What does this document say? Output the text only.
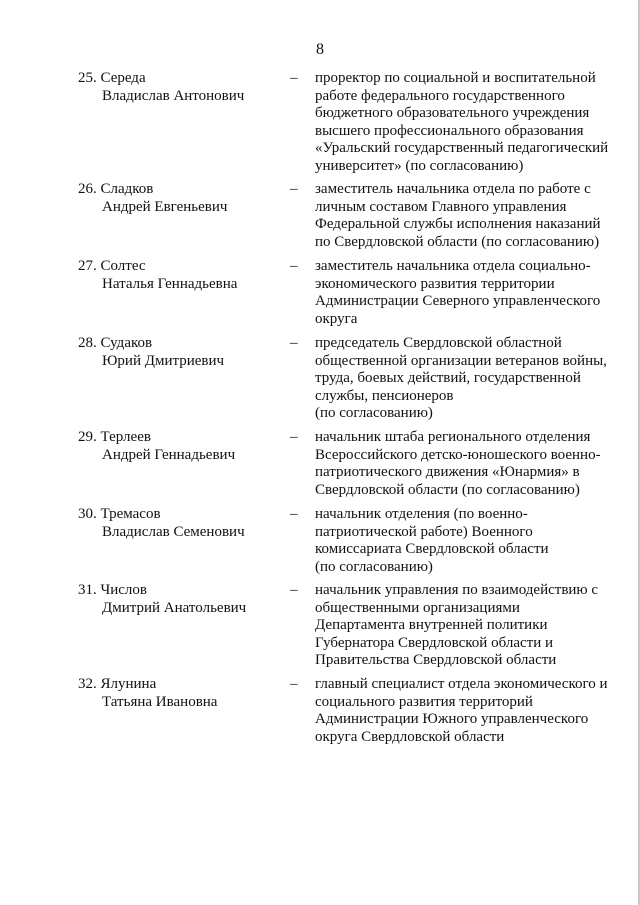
8
25. Середа
Владислав Антонович
– проректор по социальной и воспитательной
работе федерального государственного
бюджетного образовательного учреждения
высшего профессионального образования
«Уральский государственный педагогический
университет» (по согласованию)
26. Сладков
Андрей Евгеньевич
– заместитель начальника отдела по работе с
личным составом Главного управления
Федеральной службы исполнения наказаний
по Свердловской области (по согласованию)
27. Солтес
Наталья Геннадьевна
– заместитель начальника отдела социально-
экономического развития территории
Администрации Северного управленческого
округа
28. Судаков
Юрий Дмитриевич
– председатель Свердловской областной
общественной организации ветеранов войны,
труда, боевых действий, государственной
службы, пенсионеров
(по согласованию)
29. Терлеев
Андрей Геннадьевич
– начальник штаба регионального отделения
Всероссийского детско-юношеского военно-
патриотического движения «Юнармия» в
Свердловской области (по согласованию)
30. Тремасов
Владислав Семенович
– начальник отделения (по военно-
патриотической работе) Военного
комиссариата Свердловской области
(по согласованию)
31. Числов
Дмитрий Анатольевич
– начальник управления по взаимодействию с
общественными организациями
Департамента внутренней политики
Губернатора Свердловской области и
Правительства Свердловской области
32. Ялунина
Татьяна Ивановна
– главный специалист отдела экономического и
социального развития территорий
Администрации Южного управленческого
округа Свердловской области
